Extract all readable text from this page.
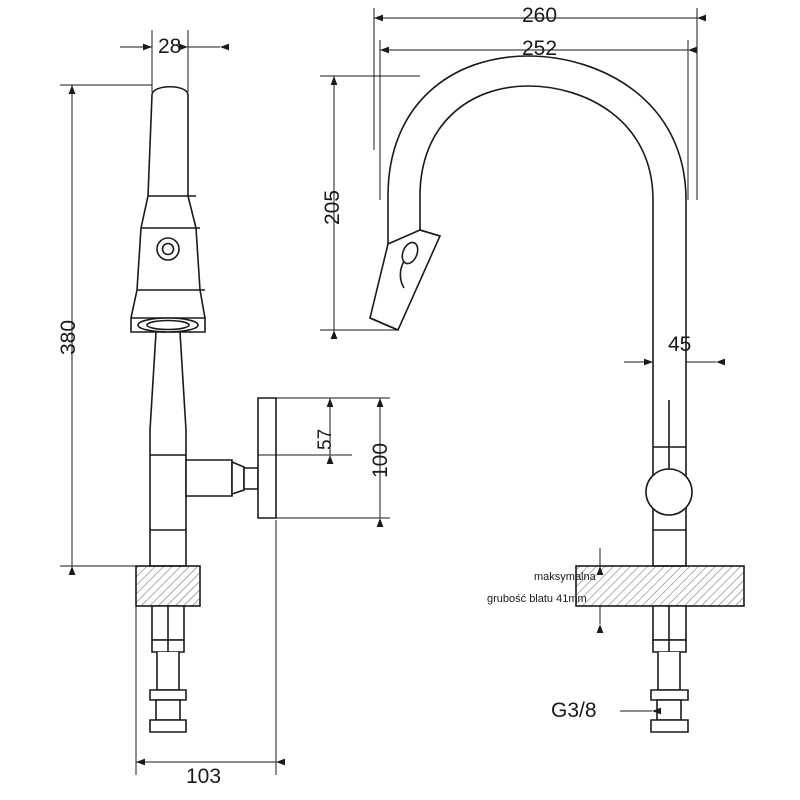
28
380
103
260
252
205
45
57
100
maksymalna
grubość blatu 41mm
G3/8
